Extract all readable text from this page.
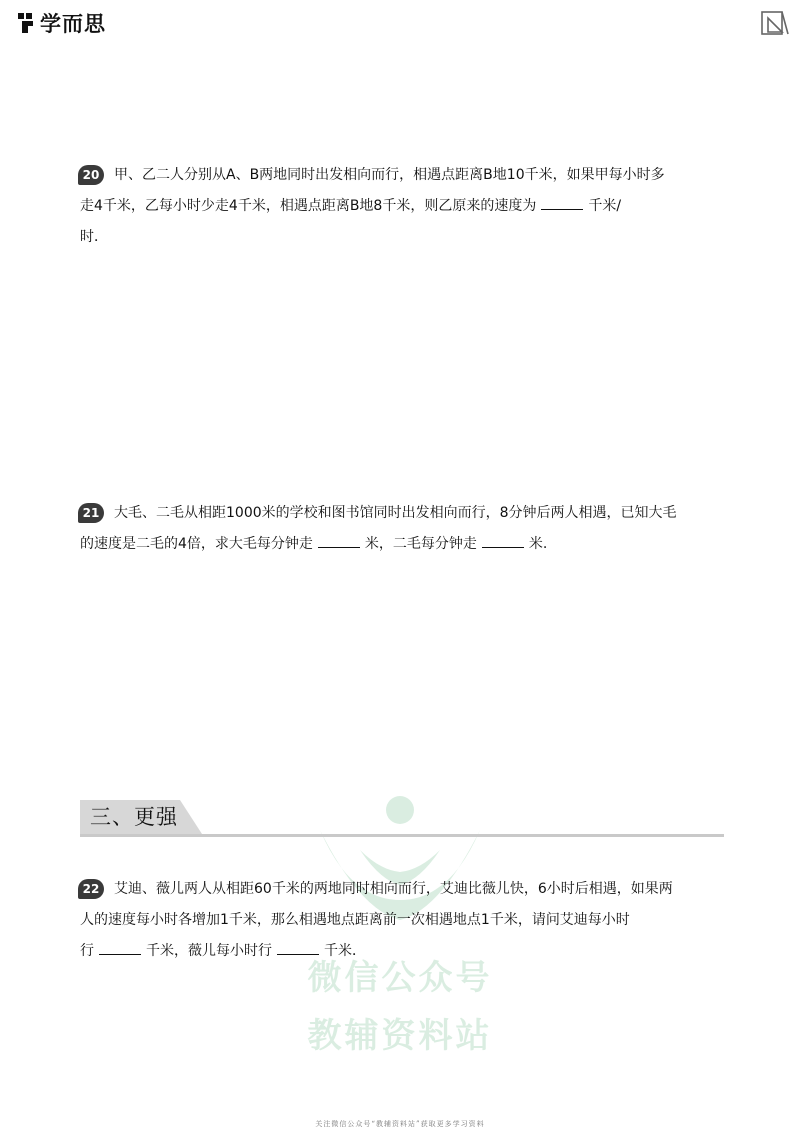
学而思
20	甲、乙二人分别从A、B两地同时出发相向而行，相遇点距离B地10千米，如果甲每小时多
走4千米，乙每小时少走4千米，相遇点距离B地8千米，则乙原来的速度为	千米/
时．
21	大毛、二毛从相距1000米的学校和图书馆同时出发相向而行，8分钟后两人相遇，已知大毛
的速度是二毛的4倍，求大毛每分钟走	米，二毛每分钟走	米.
微信公众号
教辅资料站
三、更强
22	艾迪、薇儿两人从相距60千米的两地同时相向而行，艾迪比薇儿快，6小时后相遇，如果两
人的速度每小时各增加1千米，那么相遇地点距离前一次相遇地点1千米，请问艾迪每小时
行	千米，薇儿每小时行	千米．
关注微信公众号“教辅资料站”获取更多学习资料
